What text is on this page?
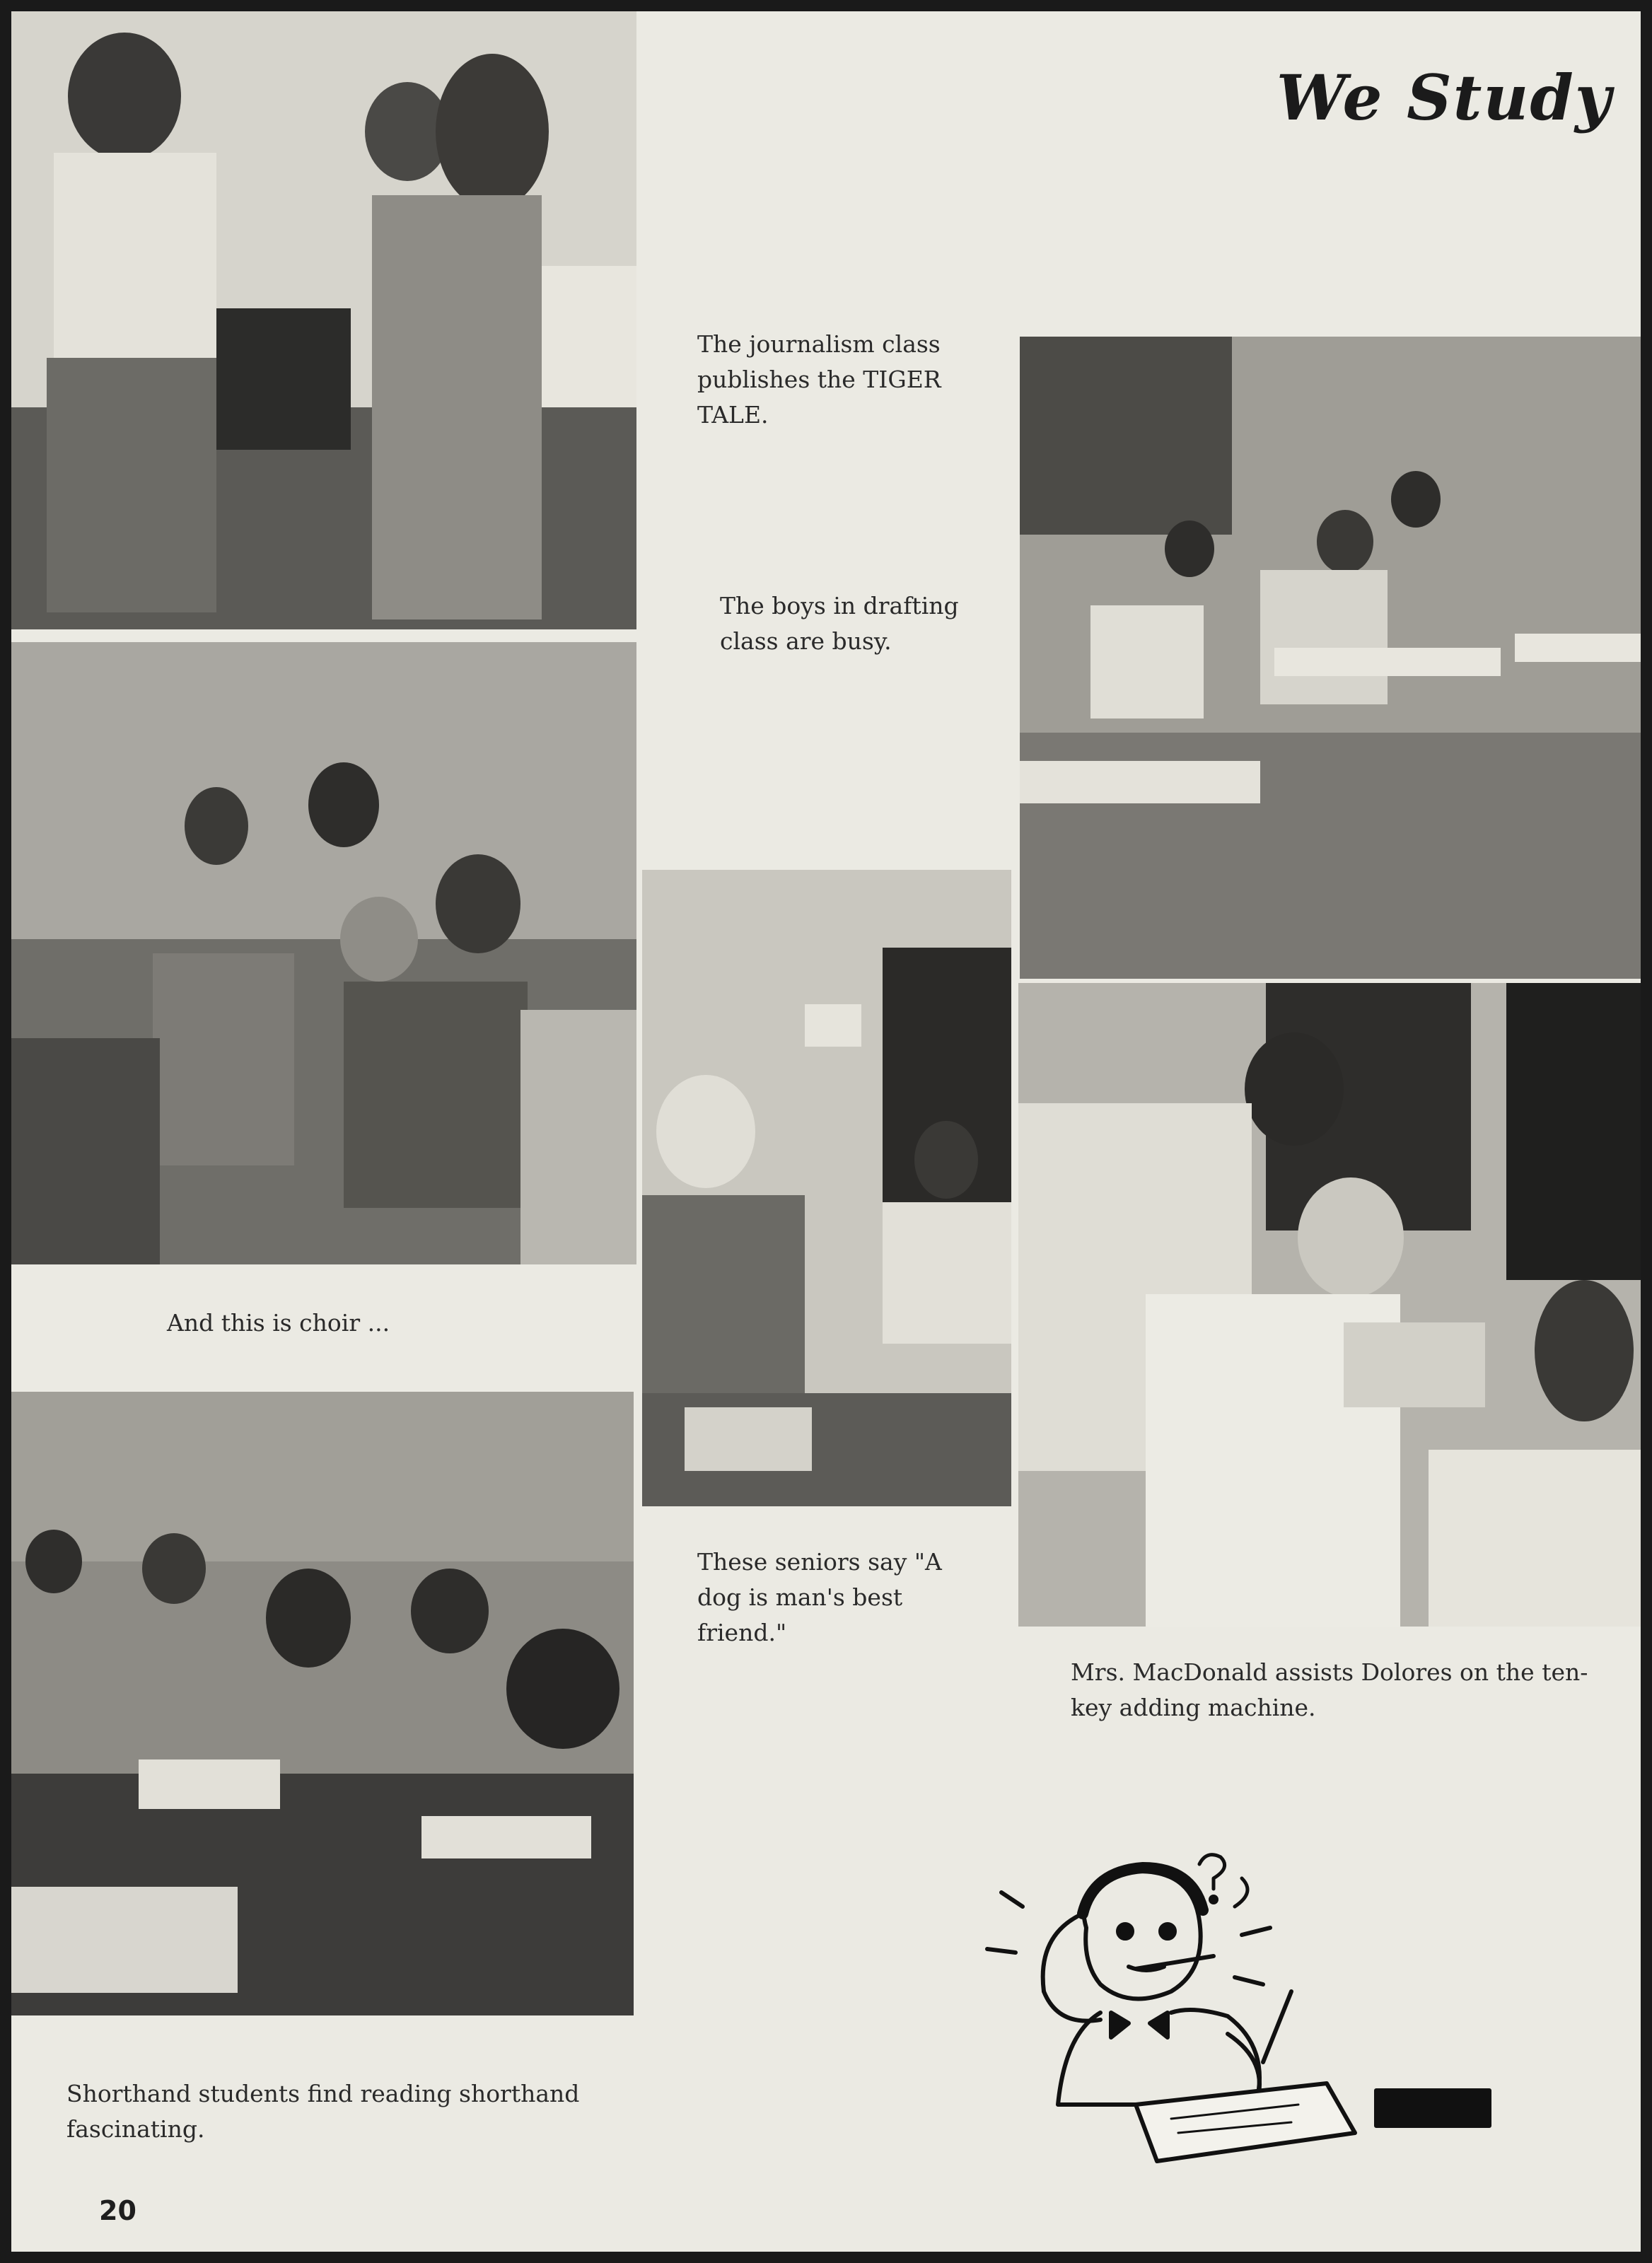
We Study
The journalism class
publishes the TIGER
TALE.
The boys in drafting
class are busy.
And this is choir ...
These seniors say "A
dog is man's best
friend."
Mrs. MacDonald assists Dolores on the ten-
key adding machine.
Shorthand students find reading shorthand
fascinating.
20
